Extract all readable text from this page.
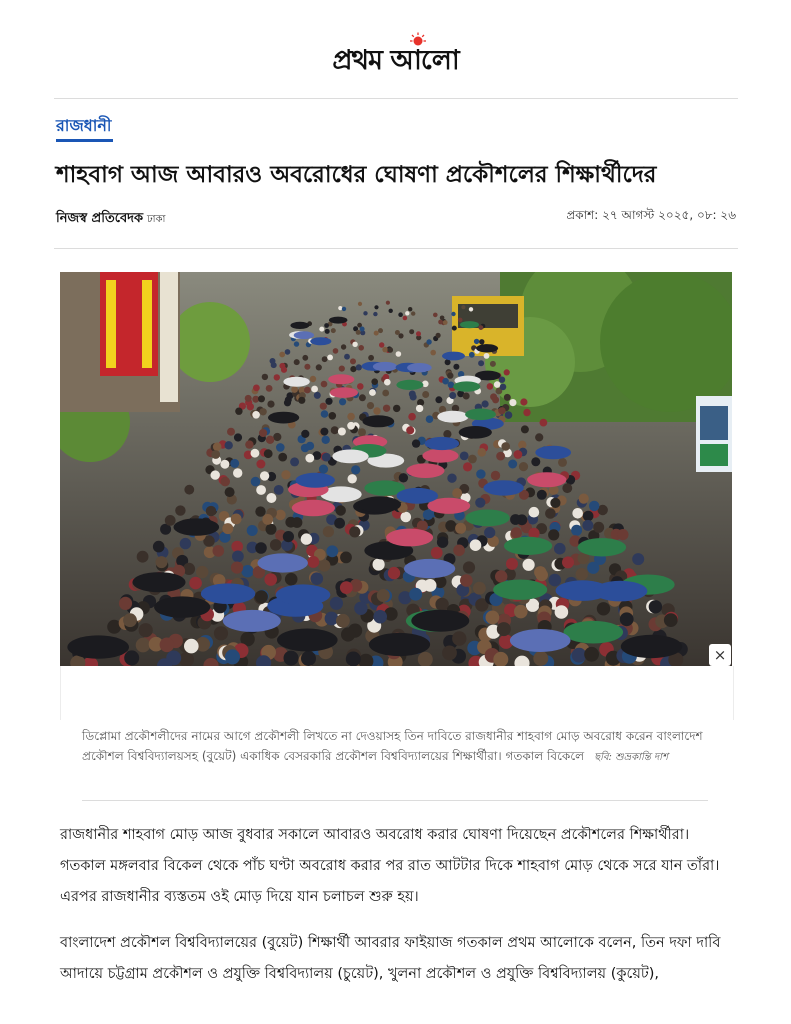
প্রথম আলো
রাজধানী
শাহবাগ আজ আবারও অবরোধের ঘোষণা প্রকৌশলের শিক্ষার্থীদের
নিজস্ব প্রতিবেদক ঢাকা	প্রকাশ: ২৭ আগস্ট ২০২৫, ০৮: ২৬
×

ডিপ্লোমা প্রকৌশলীদের নামের আগে প্রকৌশলী লিখতে না দেওয়াসহ তিন দাবিতে রাজধানীর শাহবাগ মোড় অবরোধ করেন বাংলাদেশ প্রকৌশল বিশ্ববিদ্যালয়সহ (বুয়েট) একাধিক বেসরকারি প্রকৌশল বিশ্ববিদ্যালয়ের শিক্ষার্থীরা। গতকাল বিকেলে ছবি: শুভ্রকান্তি দাশ

রাজধানীর শাহবাগ মোড় আজ বুধবার সকালে আবারও অবরোধ করার ঘোষণা দিয়েছেন প্রকৌশলের শিক্ষার্থীরা। গতকাল মঙ্গলবার বিকেল থেকে পাঁচ ঘণ্টা অবরোধ করার পর রাত আটটার দিকে শাহবাগ মোড় থেকে সরে যান তাঁরা। এরপর রাজধানীর ব্যস্ততম ওই মোড় দিয়ে যান চলাচল শুরু হয়।

বাংলাদেশ প্রকৌশল বিশ্ববিদ্যালয়ের (বুয়েট) শিক্ষার্থী আবরার ফাইয়াজ গতকাল প্রথম আলোকে বলেন, তিন দফা দাবি আদায়ে চট্টগ্রাম প্রকৌশল ও প্রযুক্তি বিশ্ববিদ্যালয় (চুয়েট), খুলনা প্রকৌশল ও প্রযুক্তি বিশ্ববিদ্যালয় (কুয়েট),
